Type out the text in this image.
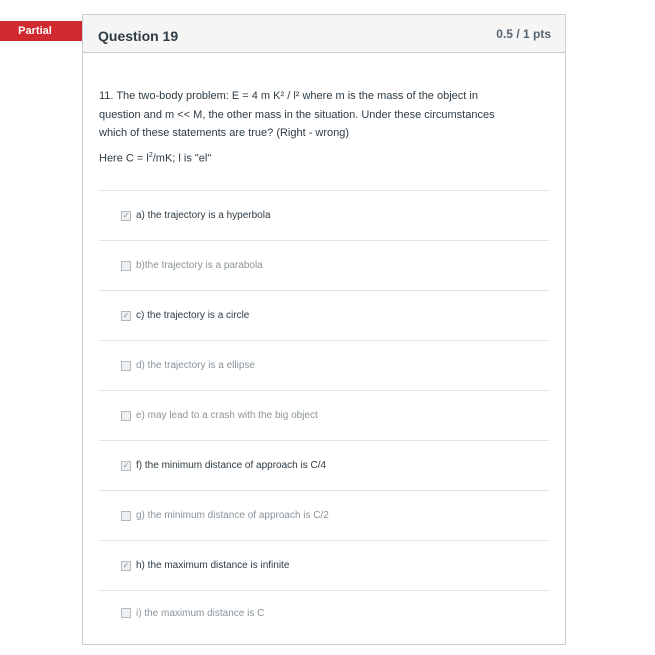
Partial	Question 19	0.5 / 1 pts
11. The two-body problem: E = 4 m K² / l² where m is the mass of the object in
question and m << M, the other mass in the situation. Under these circumstances
which of these statements are true? (Right - wrong)
Here $C = l^2/mK$; l is "el"
✓ a) the trajectory is a hyperbola
b)the trajectory is a parabola
✓ c) the trajectory is a circle
d) the trajectory is a ellipse
e) may lead to a crash with the big object
✓ f) the minimum distance of approach is C/4
g) the minimum distance of approach is C/2
✓ h) the maximum distance is infinite
i) the maximum distance is C
